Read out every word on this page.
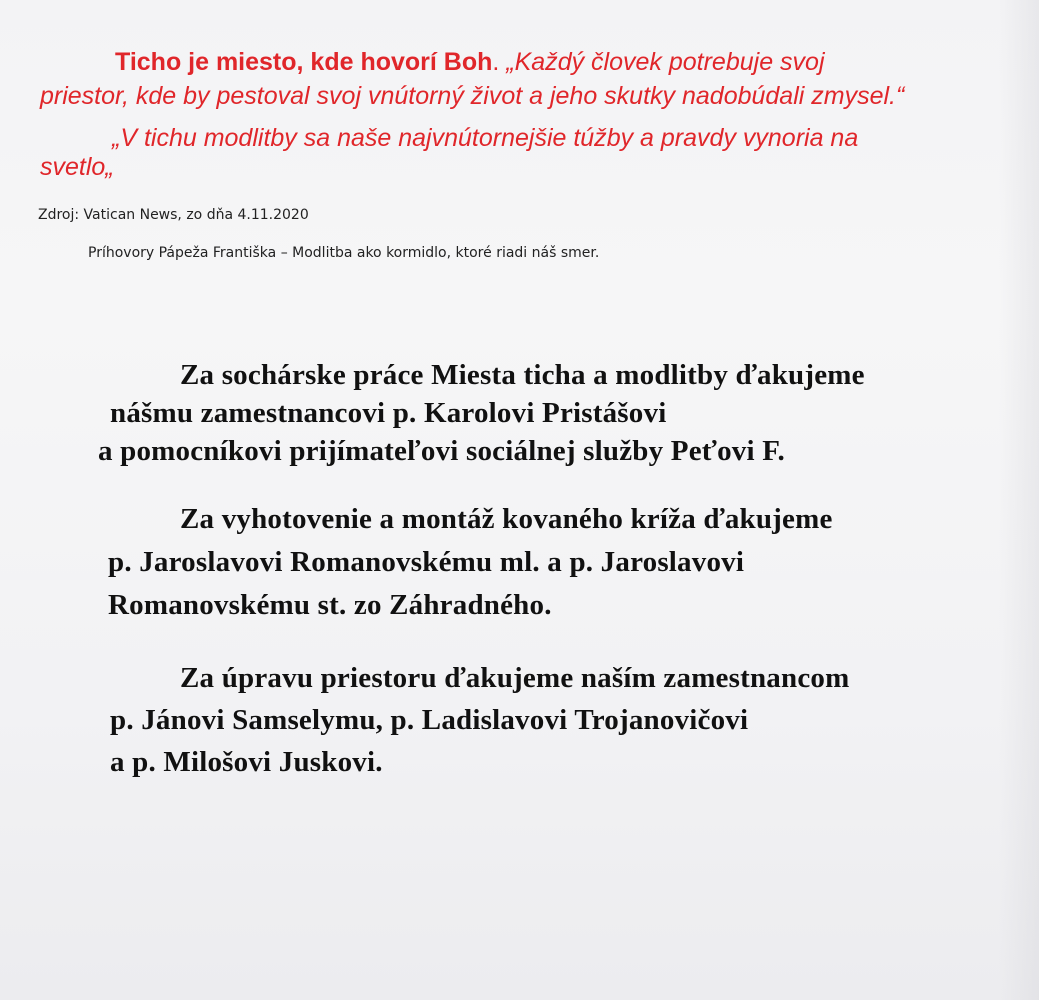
Ticho je miesto, kde hovorí Boh. „Každý človek potrebuje svoj
priestor, kde by pestoval svoj vnútorný život a jeho skutky nadobúdali zmysel.“
„V tichu modlitby sa naše najvnútornejšie túžby a pravdy vynoria na
svetlo„
Zdroj: Vatican News, zo dňa 4.11.2020
Príhovory Pápeža Františka – Modlitba ako kormidlo, ktoré riadi náš smer.
Za sochárske práce Miesta ticha a modlitby ďakujeme
nášmu zamestnancovi p. Karolovi Pristášovi
a pomocníkovi prijímateľovi sociálnej služby Peťovi F.
Za vyhotovenie a montáž kovaného kríža ďakujeme
p. Jaroslavovi Romanovskému ml. a p. Jaroslavovi
Romanovskému st. zo Záhradného.
Za úpravu priestoru ďakujeme naším zamestnancom
p. Jánovi Samselymu, p. Ladislavovi Trojanovičovi
a p. Milošovi Juskovi.
